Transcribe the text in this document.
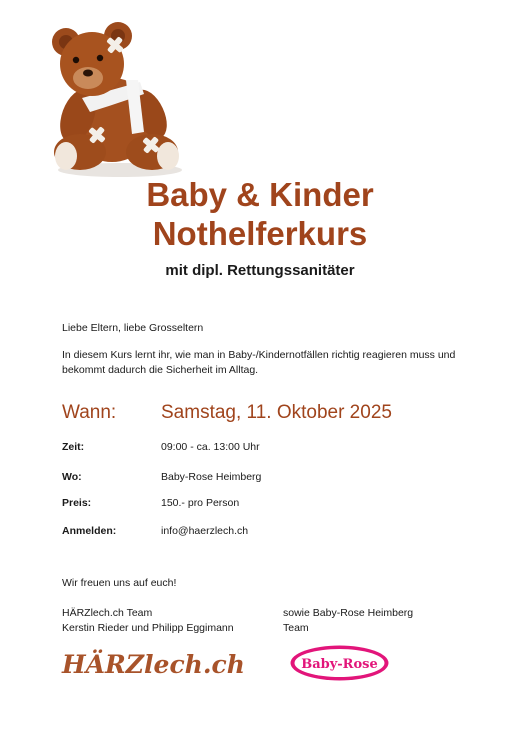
Baby & Kinder
Nothelferkurs
mit dipl. Rettungssanitäter
Liebe Eltern, liebe Grosseltern
In diesem Kurs lernt ihr, wie man in Baby-/Kindernotfällen richtig reagieren muss und bekommt dadurch die Sicherheit im Alltag.
Wann: Samstag, 11. Oktober 2025
Zeit:	09:00 - ca. 13:00 Uhr
Wo:	Baby-Rose Heimberg
Preis:	150.- pro Person
Anmelden:	info@haerzlech.ch
Wir freuen uns auf euch!
HÄRZlech.ch Team
Kerstin Rieder und Philipp Eggimann
sowie Baby-Rose Heimberg
Team
HÄRZlech.ch	Baby-Rose
